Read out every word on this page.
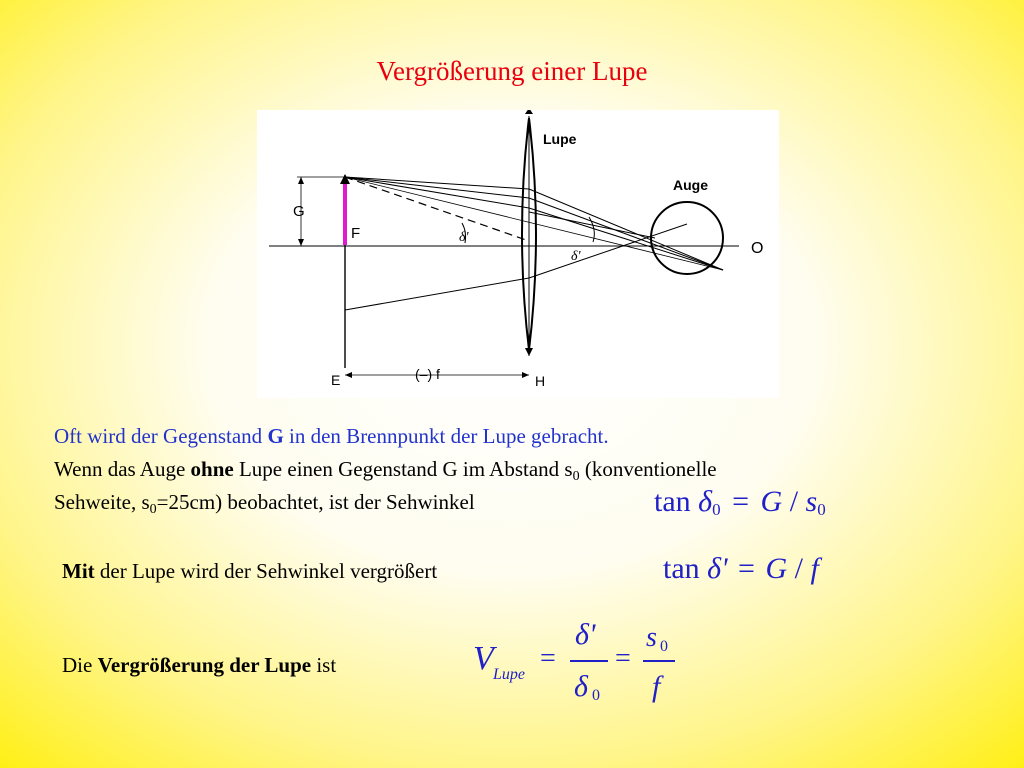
Vergrößerung einer Lupe
Lupe
Auge
G
F
O
E	H
(–) f
δ'
δ'
Oft wird der Gegenstand G in den Brennpunkt der Lupe gebracht.
Wenn das Auge ohne Lupe einen Gegenstand G im Abstand $s_0$ (konventionelle
Sehweite, $s_0=25cm$) beobachtet, ist der Sehwinkel	$\tan \delta_0 = G / s_0$
Mit der Lupe wird der Sehwinkel vergrößert	tan δ' = G / f
Die Vergrößerung der Lupe ist	V Lupe
=
δ'
δ 0
=
s 0
f
